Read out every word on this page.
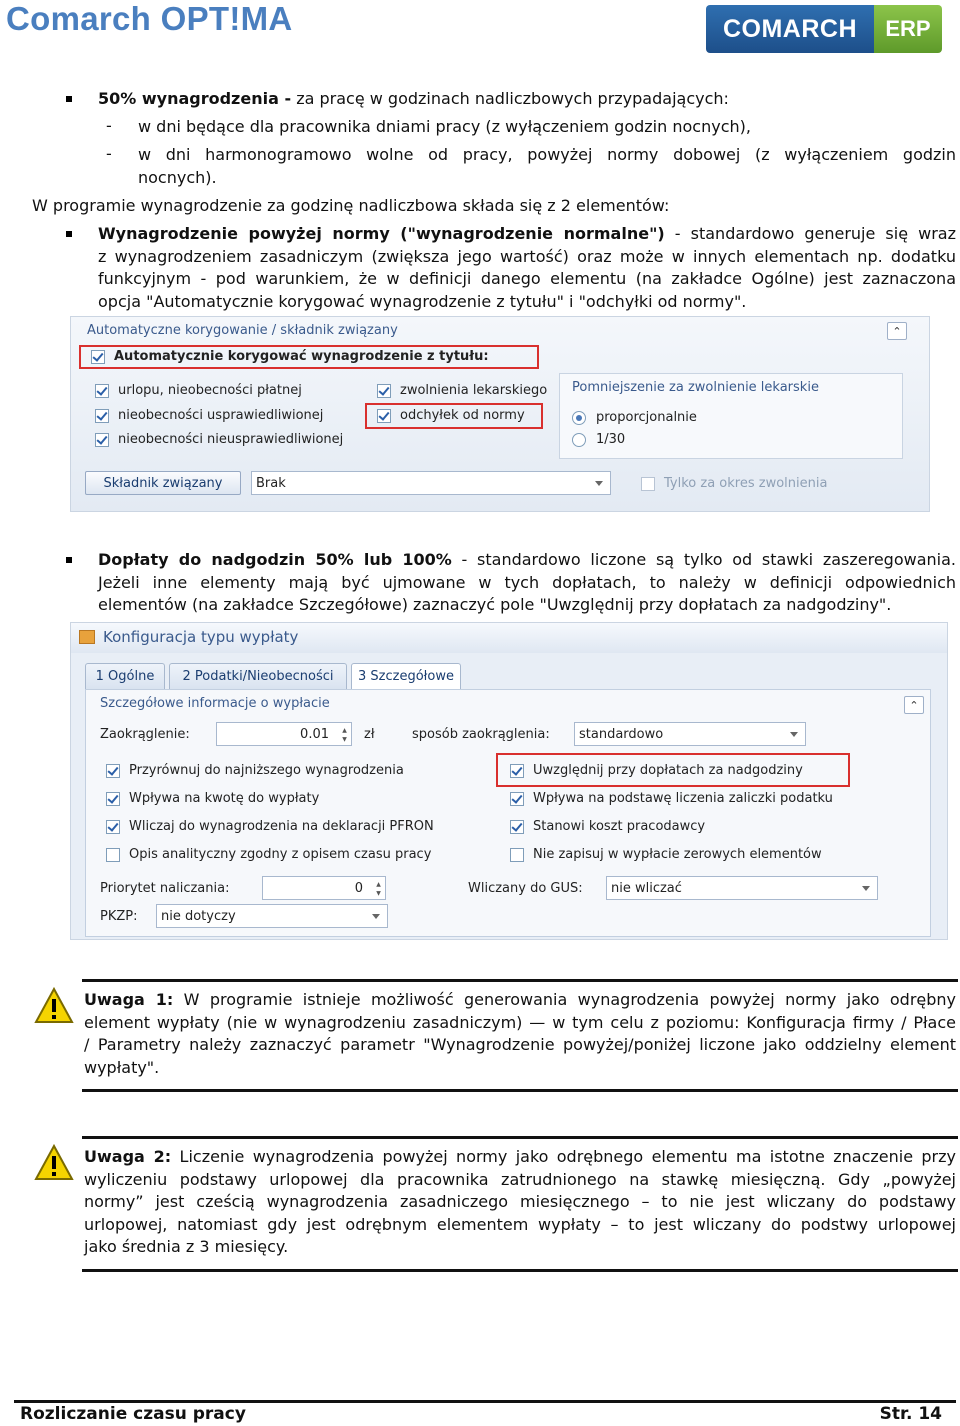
Comarch OPT!MA	COMARCH	ERP
50% wynagrodzenia - za pracę w godzinach nadliczbowych przypadających:
- w dni będące dla pracownika dniami pracy (z wyłączeniem godzin nocnych),
- w dni harmonogramowo wolne od pracy, powyżej normy dobowej (z wyłączeniem godzin
nocnych).
W programie wynagrodzenie za godzinę nadliczbowa składa się z 2 elementów:
Wynagrodzenie powyżej normy ("wynagrodzenie normalne") - standardowo generuje się wraz
z wynagrodzeniem zasadniczym (zwiększa jego wartość) oraz może w innych elementach np. dodatku
funkcyjnym - pod warunkiem, że w definicji danego elementu (na zakładce Ogólne) jest zaznaczona
opcja "Automatycznie korygować wynagrodzenie z tytułu" i "odchyłki od normy".
Automatyczne korygowanie / składnik związany	⌃
Automatycznie korygować wynagrodzenie z tytułu:
urlopu, nieobecności płatnej
nieobecności usprawiedliwionej
nieobecności nieusprawiedliwionej
zwolnienia lekarskiego
odchyłek od normy
Pomniejszenie za zwolnienie lekarskie
proporcjonalnie
1/30
Składnik związany	Brak	Tylko za okres zwolnienia
Dopłaty do nadgodzin 50% lub 100% - standardowo liczone są tylko od stawki zaszeregowania.
Jeżeli inne elementy mają być ujmowane w tych dopłatach, to należy w definicji odpowiednich
elementów (na zakładce Szczegółowe) zaznaczyć pole "Uwzględnij przy dopłatach za nadgodziny".
Konfiguracja typu wypłaty
1 Ogólne	2 Podatki/Nieobecności	3 Szczegółowe
Szczegółowe informacje o wypłacie	⌃
Zaokrąglenie:	0.01	▲
▼ zł	sposób zaokrąglenia: standardowo
Przyrównuj do najniższego wynagrodzenia
Wpływa na kwotę do wypłaty
Wliczaj do wynagrodzenia na deklaracji PFRON
Opis analityczny zgodny z opisem czasu pracy
Uwzględnij przy dopłatach za nadgodziny
Wpływa na podstawę liczenia zaliczki podatku
Stanowi koszt pracodawcy
Nie zapisuj w wypłacie zerowych elementów
Priorytet naliczania:	0	▲
▼	Wliczany do GUS: nie wliczać
PKZP: nie dotyczy
Uwaga 1: W programie istnieje możliwość generowania wynagrodzenia powyżej normy jako odrębny
element wypłaty (nie w wynagrodzeniu zasadniczym) — w tym celu z poziomu: Konfiguracja firmy / Płace
/ Parametry należy zaznaczyć parametr "Wynagrodzenie powyżej/poniżej liczone jako oddzielny element
wypłaty".
Uwaga 2: Liczenie wynagrodzenia powyżej normy jako odrębnego elementu ma istotne znaczenie przy
wyliczeniu podstawy urlopowej dla pracownika zatrudnionego na stawkę miesięczną. Gdy „powyżej
normy” jest cześcią wynagrodzenia zasadniczego miesięcznego – to nie jest wliczany do podstawy
urlopowej, natomiast gdy jest odrębnym elementem wypłaty – to jest wliczany do podstwy urlopowej
jako średnia z 3 miesięcy.
Rozliczanie czasu pracy	Str. 14
